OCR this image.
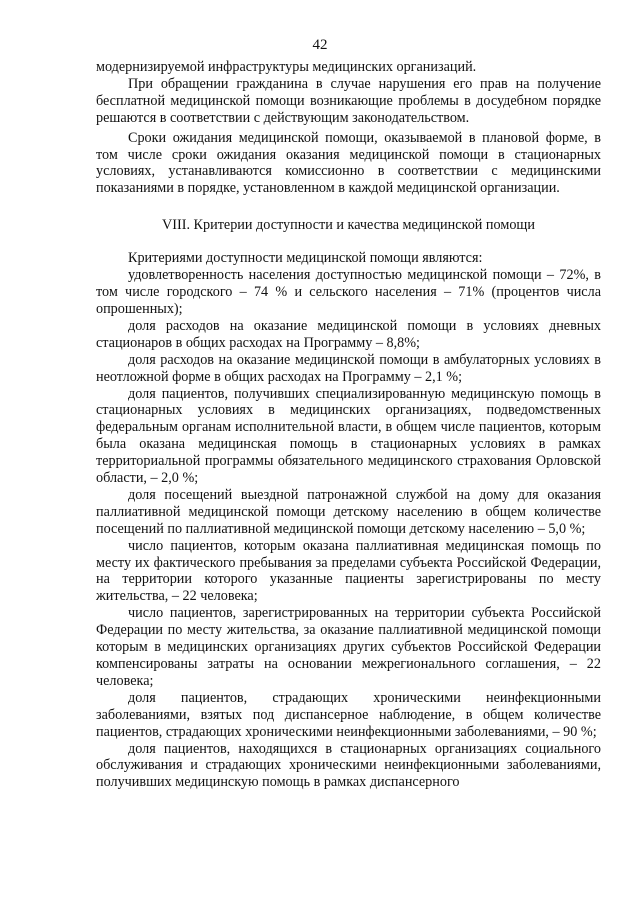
42

модернизируемой инфраструктуры медицинских организаций.

При обращении гражданина в случае нарушения его прав на получение бесплатной медицинской помощи возникающие проблемы в досудебном порядке решаются в соответствии с действующим законодательством.

Сроки ожидания медицинской помощи, оказываемой в плановой форме, в том числе сроки ожидания оказания медицинской помощи в стационарных условиях, устанавливаются комиссионно в соответствии с медицинскими показаниями в порядке, установленном в каждой медицинской организации.

VIII. Критерии доступности и качества медицинской помощи

Критериями доступности медицинской помощи являются:

удовлетворенность населения доступностью медицинской помощи – 72%, в том числе городского – 74 % и сельского населения – 71% (процентов числа опрошенных);

доля расходов на оказание медицинской помощи в условиях дневных стационаров в общих расходах на Программу – 8,8%;

доля расходов на оказание медицинской помощи в амбулаторных условиях в неотложной форме в общих расходах на Программу – 2,1 %;

доля пациентов, получивших специализированную медицинскую помощь в стационарных условиях в медицинских организациях, подведомственных федеральным органам исполнительной власти, в общем числе пациентов, которым была оказана медицинская помощь в стационарных условиях в рамках территориальной программы обязательного медицинского страхования Орловской области, – 2,0 %;

доля посещений выездной патронажной службой на дому для оказания паллиативной медицинской помощи детскому населению в общем количестве посещений по паллиативной медицинской помощи детскому населению – 5,0 %;

число пациентов, которым оказана паллиативная медицинская помощь по месту их фактического пребывания за пределами субъекта Российской Федерации, на территории которого указанные пациенты зарегистрированы по месту жительства, – 22 человека;

число пациентов, зарегистрированных на территории субъекта Российской Федерации по месту жительства, за оказание паллиативной медицинской помощи которым в медицинских организациях других субъектов Российской Федерации компенсированы затраты на основании межрегионального соглашения, – 22 человека;

доля пациентов, страдающих хроническими неинфекционными заболеваниями, взятых под диспансерное наблюдение, в общем количестве пациентов, страдающих хроническими неинфекционными заболеваниями, – 90 %;

доля пациентов, находящихся в стационарных организациях социального обслуживания и страдающих хроническими неинфекционными заболеваниями, получивших медицинскую помощь в рамках диспансерного
